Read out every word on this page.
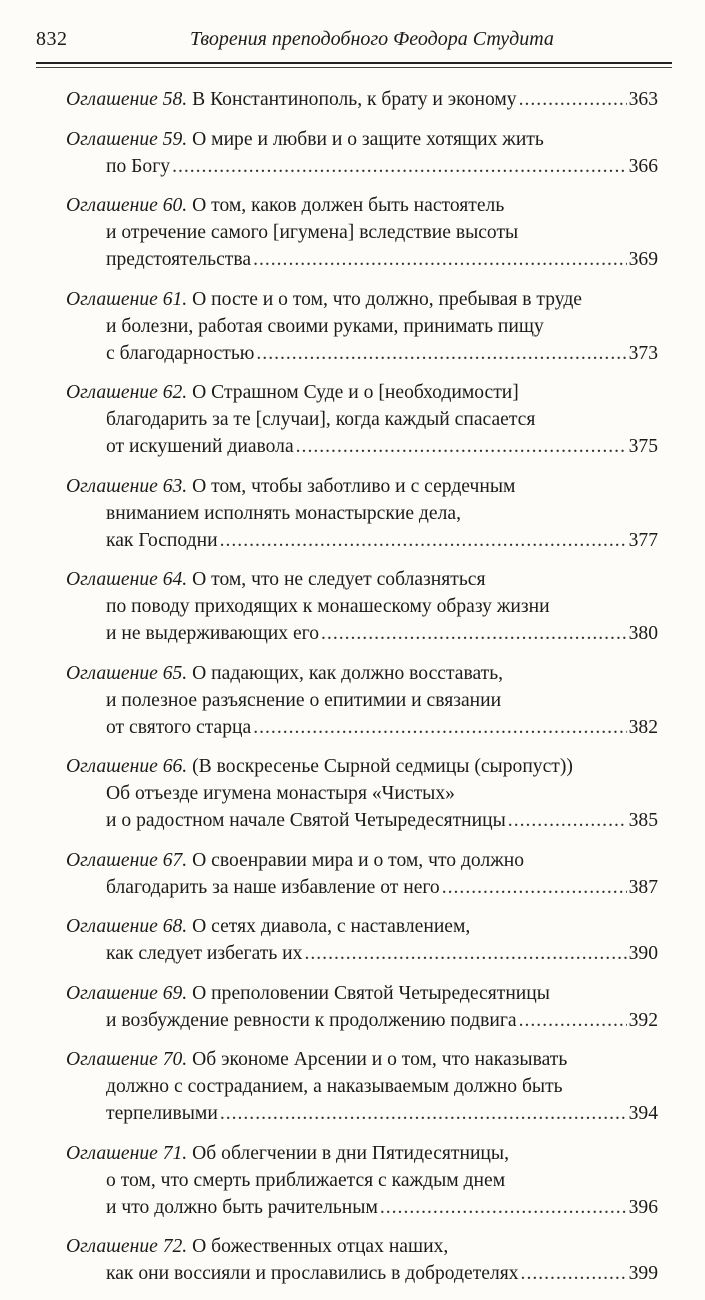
832	Творения преподобного Феодора Студита
Оглашение 58. В Константинополь, к брату и эконому .....	363
Оглашение 59. О мире и любви и о защите хотящих жить
по Богу .....	366
Оглашение 60. О том, каков должен быть настоятель
и отречение самого [игумена] вследствие высоты
предстоятельства .....	369
Оглашение 61. О посте и о том, что должно, пребывая в труде
и болезни, работая своими руками, принимать пищу
с благодарностью .....	373
Оглашение 62. О Страшном Суде и о [необходимости]
благодарить за те [случаи], когда каждый спасается
от искушений диавола .....	375
Оглашение 63. О том, чтобы заботливо и с сердечным
вниманием исполнять монастырские дела,
как Господни .....	377
Оглашение 64. О том, что не следует соблазняться
по поводу приходящих к монашескому образу жизни
и не выдерживающих его .....	380
Оглашение 65. О падающих, как должно восставать,
и полезное разъяснение о епитимии и связании
от святого старца .....	382
Оглашение 66. (В воскресенье Сырной седмицы (сыропуст))
Об отъезде игумена монастыря «Чистых»
и о радостном начале Святой Четыредесятницы .....	385
Оглашение 67. О своенравии мира и о том, что должно
благодарить за наше избавление от него .....	387
Оглашение 68. О сетях диавола, с наставлением,
как следует избегать их .....	390
Оглашение 69. О преполовении Святой Четыредесятницы
и возбуждение ревности к продолжению подвига .....	392
Оглашение 70. Об экономе Арсении и о том, что наказывать
должно с состраданием, а наказываемым должно быть
терпеливыми .....	394
Оглашение 71. Об облегчении в дни Пятидесятницы,
о том, что смерть приближается с каждым днем
и что должно быть рачительным .....	396
Оглашение 72. О божественных отцах наших,
как они воссияли и прославились в добродетелях .....	399
